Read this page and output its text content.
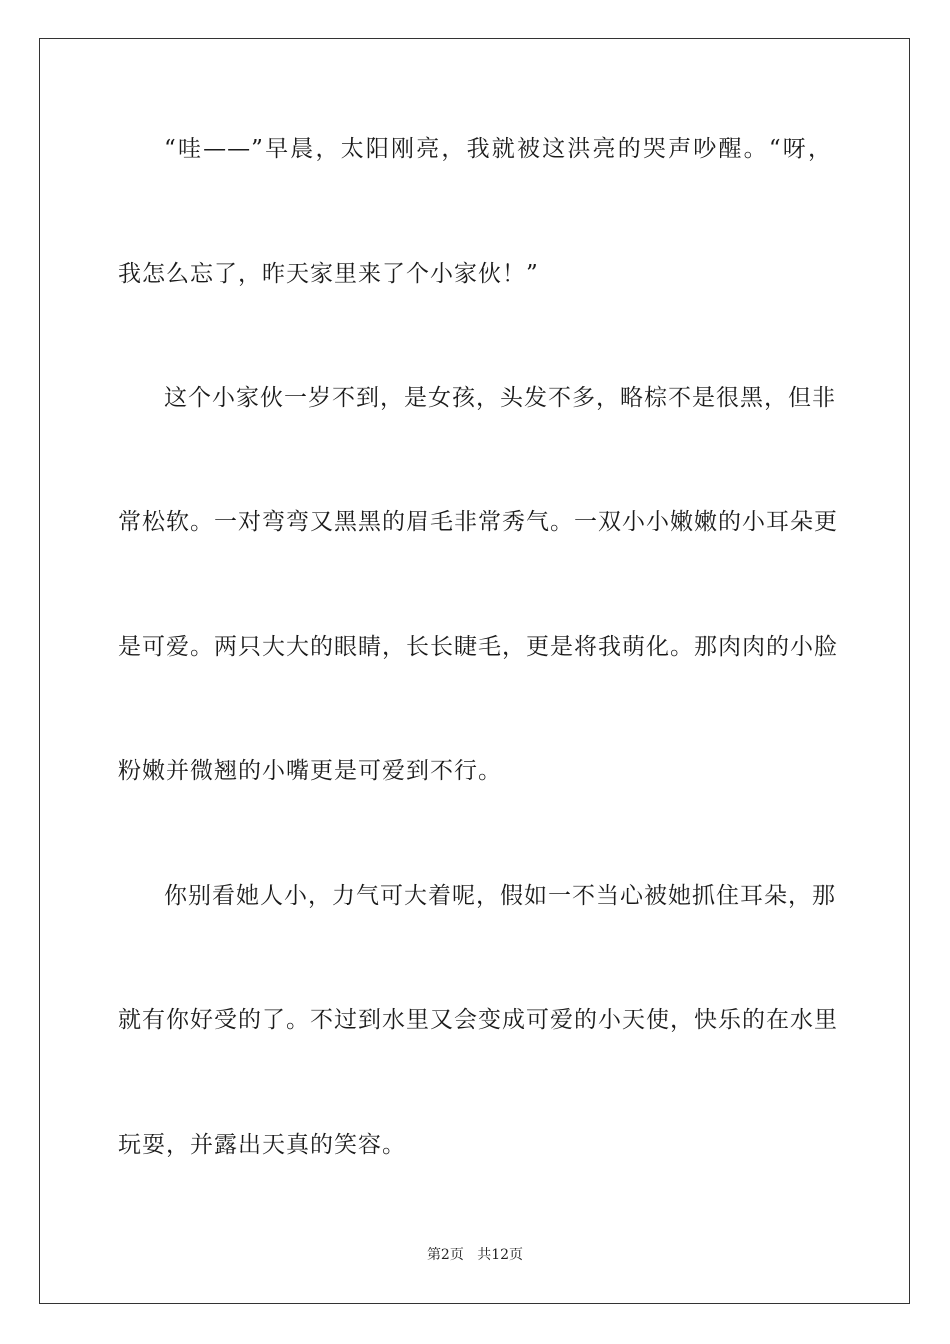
“哇——”早晨，太阳刚亮，我就被这洪亮的哭声吵醒。“呀，
我怎么忘了，昨天家里来了个小家伙！”
这个小家伙一岁不到，是女孩，头发不多，略棕不是很黑，但非
常松软。一对弯弯又黑黑的眉毛非常秀气。一双小小嫩嫩的小耳朵更
是可爱。两只大大的眼睛，长长睫毛，更是将我萌化。那肉肉的小脸
粉嫩并微翘的小嘴更是可爱到不行。
你别看她人小，力气可大着呢，假如一不当心被她抓住耳朵，那
就有你好受的了。不过到水里又会变成可爱的小天使，快乐的在水里
玩耍，并露出天真的笑容。
第2页 共12页
